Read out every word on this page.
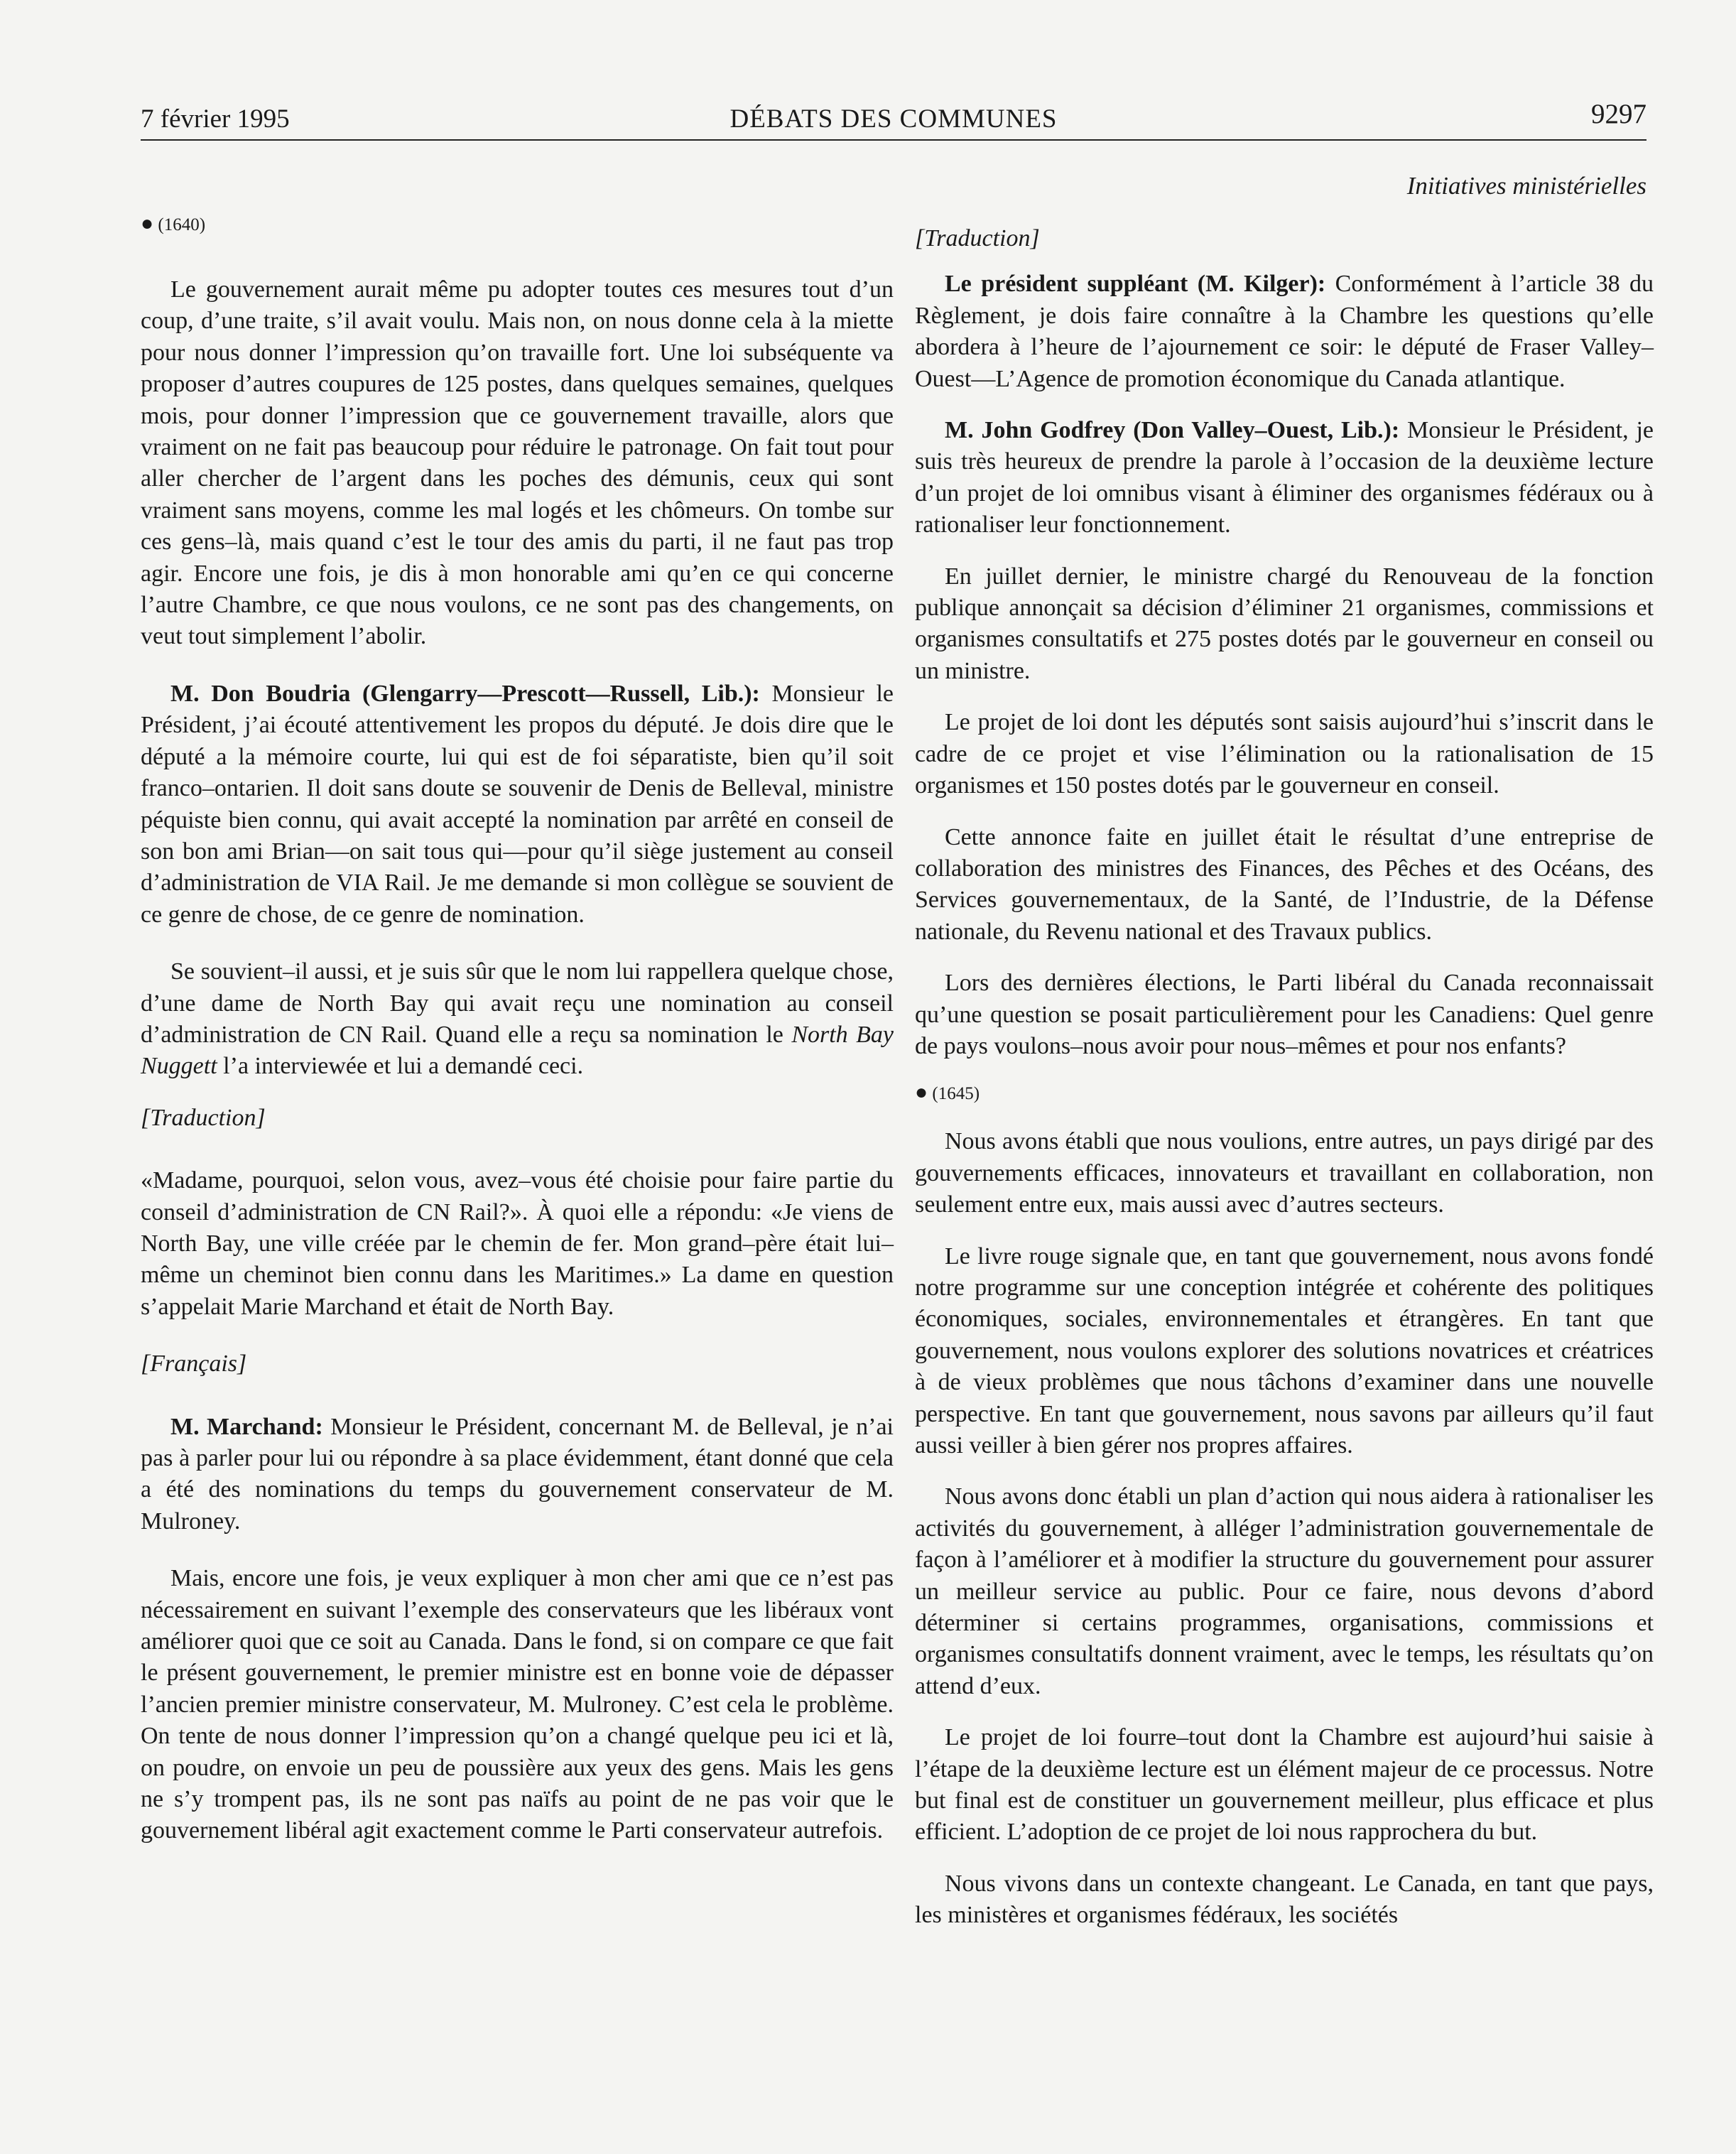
7 février 1995	DÉBATS DES COMMUNES	9297
Initiatives ministérielles
● (1640)

Le gouvernement aurait même pu adopter toutes ces mesures tout d’un coup, d’une traite, s’il avait voulu. Mais non, on nous donne cela à la miette pour nous donner l’impression qu’on travaille fort. Une loi subséquente va proposer d’autres coupures de 125 postes, dans quelques semaines, quelques mois, pour donner l’impression que ce gouvernement travaille, alors que vraiment on ne fait pas beaucoup pour réduire le patronage. On fait tout pour aller chercher de l’argent dans les poches des démunis, ceux qui sont vraiment sans moyens, comme les mal logés et les chômeurs. On tombe sur ces gens–là, mais quand c’est le tour des amis du parti, il ne faut pas trop agir. Encore une fois, je dis à mon honorable ami qu’en ce qui concerne l’autre Chambre, ce que nous voulons, ce ne sont pas des changements, on veut tout simplement l’abolir.

M. Don Boudria (Glengarry—Prescott—Russell, Lib.): Monsieur le Président, j’ai écouté attentivement les propos du député. Je dois dire que le député a la mémoire courte, lui qui est de foi séparatiste, bien qu’il soit franco–ontarien. Il doit sans doute se souvenir de Denis de Belleval, ministre péquiste bien connu, qui avait accepté la nomination par arrêté en conseil de son bon ami Brian—on sait tous qui—pour qu’il siège justement au conseil d’administration de VIA Rail. Je me demande si mon collègue se souvient de ce genre de chose, de ce genre de nomination.

Se souvient–il aussi, et je suis sûr que le nom lui rappellera quelque chose, d’une dame de North Bay qui avait reçu une nomination au conseil d’administration de CN Rail. Quand elle a reçu sa nomination le North Bay Nuggett l’a interviewée et lui a demandé ceci.

[Traduction]

«Madame, pourquoi, selon vous, avez–vous été choisie pour faire partie du conseil d’administration de CN Rail?». À quoi elle a répondu: «Je viens de North Bay, une ville créée par le chemin de fer. Mon grand–père était lui–même un cheminot bien connu dans les Maritimes.» La dame en question s’appelait Marie Marchand et était de North Bay.

[Français]

M. Marchand: Monsieur le Président, concernant M. de Belleval, je n’ai pas à parler pour lui ou répondre à sa place évidemment, étant donné que cela a été des nominations du temps du gouvernement conservateur de M. Mulroney.

Mais, encore une fois, je veux expliquer à mon cher ami que ce n’est pas nécessairement en suivant l’exemple des conservateurs que les libéraux vont améliorer quoi que ce soit au Canada. Dans le fond, si on compare ce que fait le présent gouvernement, le premier ministre est en bonne voie de dépasser l’ancien premier ministre conservateur, M. Mulroney. C’est cela le problème. On tente de nous donner l’impression qu’on a changé quelque peu ici et là, on poudre, on envoie un peu de poussière aux yeux des gens. Mais les gens ne s’y trompent pas, ils ne sont pas naïfs au point de ne pas voir que le gouvernement libéral agit exactement comme le Parti conservateur autrefois.

[Traduction]

Le président suppléant (M. Kilger): Conformément à l’article 38 du Règlement, je dois faire connaître à la Chambre les questions qu’elle abordera à l’heure de l’ajournement ce soir: le député de Fraser Valley–Ouest—L’Agence de promotion économique du Canada atlantique.

M. John Godfrey (Don Valley–Ouest, Lib.): Monsieur le Président, je suis très heureux de prendre la parole à l’occasion de la deuxième lecture d’un projet de loi omnibus visant à éliminer des organismes fédéraux ou à rationaliser leur fonctionnement.

En juillet dernier, le ministre chargé du Renouveau de la fonction publique annonçait sa décision d’éliminer 21 organismes, commissions et organismes consultatifs et 275 postes dotés par le gouverneur en conseil ou un ministre.

Le projet de loi dont les députés sont saisis aujourd’hui s’inscrit dans le cadre de ce projet et vise l’élimination ou la rationalisation de 15 organismes et 150 postes dotés par le gouverneur en conseil.

Cette annonce faite en juillet était le résultat d’une entreprise de collaboration des ministres des Finances, des Pêches et des Océans, des Services gouvernementaux, de la Santé, de l’Industrie, de la Défense nationale, du Revenu national et des Travaux publics.

Lors des dernières élections, le Parti libéral du Canada reconnaissait qu’une question se posait particulièrement pour les Canadiens: Quel genre de pays voulons–nous avoir pour nous–mêmes et pour nos enfants?

● (1645)

Nous avons établi que nous voulions, entre autres, un pays dirigé par des gouvernements efficaces, innovateurs et travaillant en collaboration, non seulement entre eux, mais aussi avec d’autres secteurs.

Le livre rouge signale que, en tant que gouvernement, nous avons fondé notre programme sur une conception intégrée et cohérente des politiques économiques, sociales, environnementales et étrangères. En tant que gouvernement, nous voulons explorer des solutions novatrices et créatrices à de vieux problèmes que nous tâchons d’examiner dans une nouvelle perspective. En tant que gouvernement, nous savons par ailleurs qu’il faut aussi veiller à bien gérer nos propres affaires.

Nous avons donc établi un plan d’action qui nous aidera à rationaliser les activités du gouvernement, à alléger l’administration gouvernementale de façon à l’améliorer et à modifier la structure du gouvernement pour assurer un meilleur service au public. Pour ce faire, nous devons d’abord déterminer si certains programmes, organisations, commissions et organismes consultatifs donnent vraiment, avec le temps, les résultats qu’on attend d’eux.

Le projet de loi fourre–tout dont la Chambre est aujourd’hui saisie à l’étape de la deuxième lecture est un élément majeur de ce processus. Notre but final est de constituer un gouvernement meilleur, plus efficace et plus efficient. L’adoption de ce projet de loi nous rapprochera du but.

Nous vivons dans un contexte changeant. Le Canada, en tant que pays, les ministères et organismes fédéraux, les sociétés
